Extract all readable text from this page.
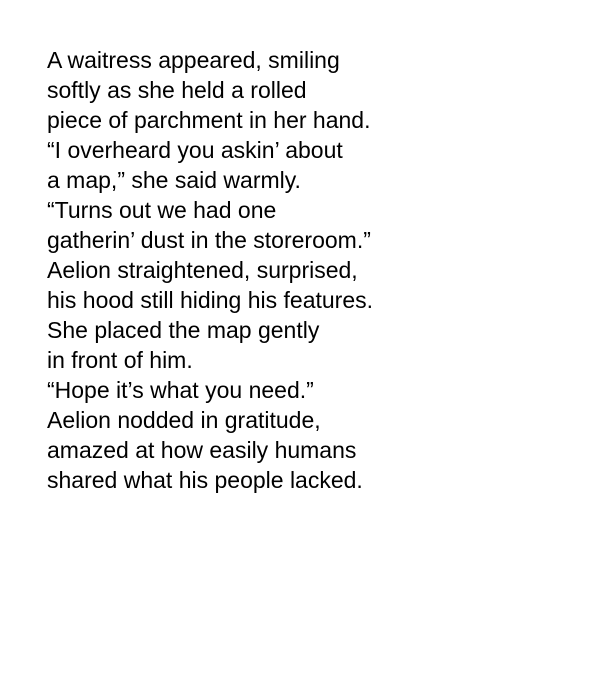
A waitress appeared, smiling

softly as she held a rolled

piece of parchment in her hand.

“I overheard you askin’ about

a map,” she said warmly.

“Turns out we had one

gatherin’ dust in the storeroom.”

Aelion straightened, surprised,

his hood still hiding his features.

She placed the map gently

in front of him.

“Hope it’s what you need.”

Aelion nodded in gratitude,

amazed at how easily humans

shared what his people lacked.
